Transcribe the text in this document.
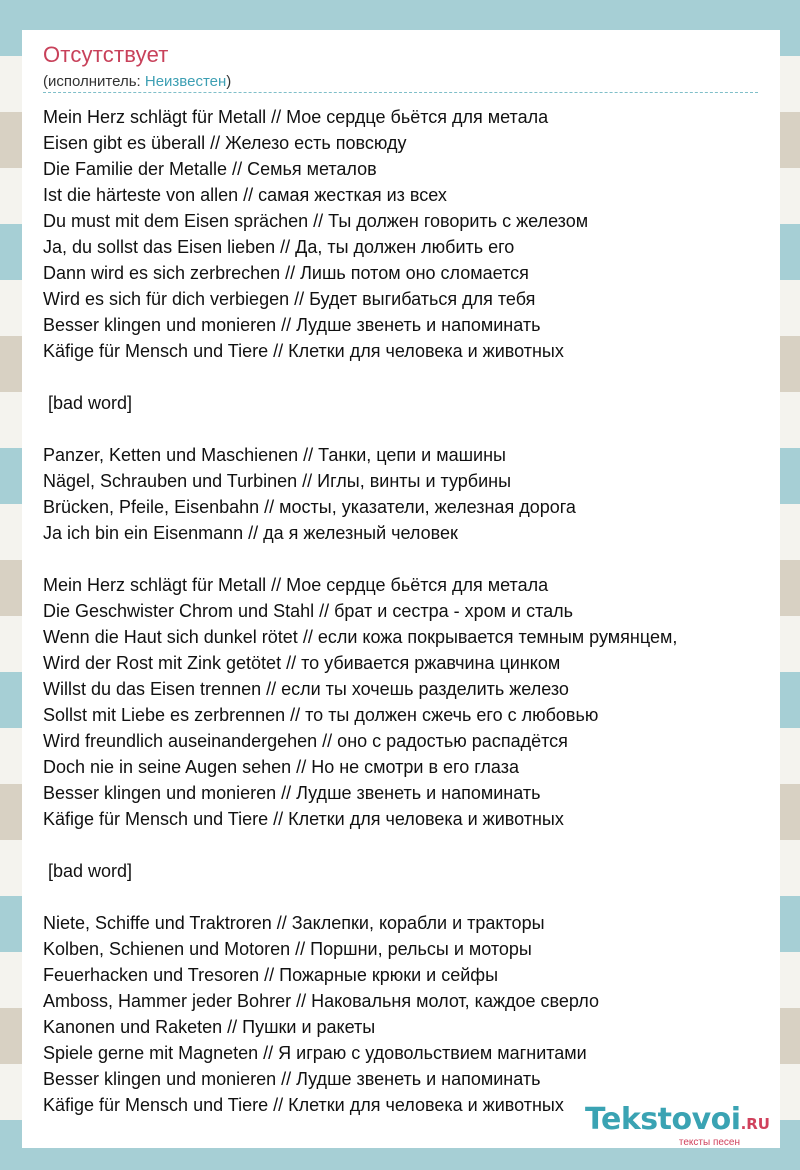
Отсутствует
(исполнитель: Неизвестен)
Mein Herz schlägt für Metall // Мое сердце бьётся для метала
Eisen gibt es überall // Железо есть повсюду
Die Familie der Metalle // Семья металов
Ist die härteste von allen // самая жесткая из всех
Du must mit dem Eisen sprächen // Ты должен говорить с железом
Ja, du sollst das Eisen lieben // Да, ты должен любить его
Dann wird es sich zerbrechen // Лишь потом оно сломается
Wird es sich für dich verbiegen // Будет выгибаться для тебя
Besser klingen und monieren // Лудше звенеть и напоминать
Käfige für Mensch und Tiere // Клетки для человека и животных
[bad word]
Panzer, Ketten und Maschienen // Танки, цепи и машины
Nägel, Schrauben und Turbinen // Иглы, винты и турбины
Brücken, Pfeile, Eisenbahn // мосты, указатели, железная дорога
Ja ich bin ein Eisenmann // да я железный человек
Mein Herz schlägt für Metall // Мое сердце бьётся для метала
Die Geschwister Chrom und Stahl // брат и сестра - хром и сталь
Wenn die Haut sich dunkel rötet // если кожа покрывается темным румянцем,
Wird der Rost mit Zink getötet // то убивается ржавчина цинком
Willst du das Eisen trennen // если ты хочешь разделить железо
Sollst mit Liebe es zerbrennen // то ты должен сжечь его с любовью
Wird freundlich auseinandergehen // оно с радостью распадётся
Doch nie in seine Augen sehen // Но не смотри в его глаза
Besser klingen und monieren // Лудше звенеть и напоминать
Käfige für Mensch und Tiere // Клетки для человека и животных
[bad word]
Niete, Schiffe und Traktroren // Заклепки, корабли и тракторы
Kolben, Schienen und Motoren // Поршни, рельсы и моторы
Feuerhacken und Tresoren // Пожарные крюки и сейфы
Amboss, Hammer jeder Bohrer // Наковальня молот, каждое сверло
Kanonen und Raketen // Пушки и ракеты
Spiele gerne mit Magneten // Я играю с удовольствием магнитами
Besser klingen und monieren // Лудше звенеть и напоминать
Käfige für Mensch und Tiere // Клетки для человека и животных Tekstovoi.RU
тексты песен
